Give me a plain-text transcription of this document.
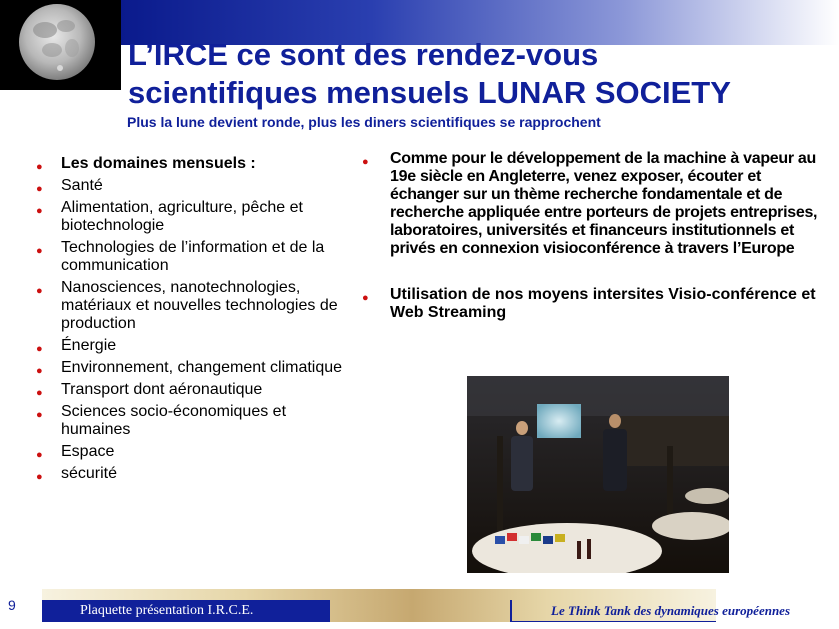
L’IRCE ce sont des rendez-vous
scientifiques mensuels LUNAR SOCIETY

Plus la lune devient ronde, plus les diners scientifiques se rapprochent

● Les domaines mensuels :
● Santé
● Alimentation, agriculture, pêche et biotechnologie
● Technologies de l’information et de la communication
● Nanosciences, nanotechnologies, matériaux et nouvelles technologies de production
● Énergie
● Environnement, changement climatique
● Transport dont aéronautique
● Sciences socio-économiques et humaines
● Espace
● sécurité
● Comme pour le développement de la machine à vapeur au 19e siècle en Angleterre, venez exposer, écouter et échanger sur un thème recherche fondamentale et de recherche appliquée entre porteurs de projets entreprises, laboratoires, universités et financeurs institutionnels et privés en connexion visioconférence à travers l’Europe
● Utilisation de nos moyens intersites Visio-conférence et Web Streaming
Plaquette présentation I.R.C.E.	Le Think Tank des dynamiques européennes
9
